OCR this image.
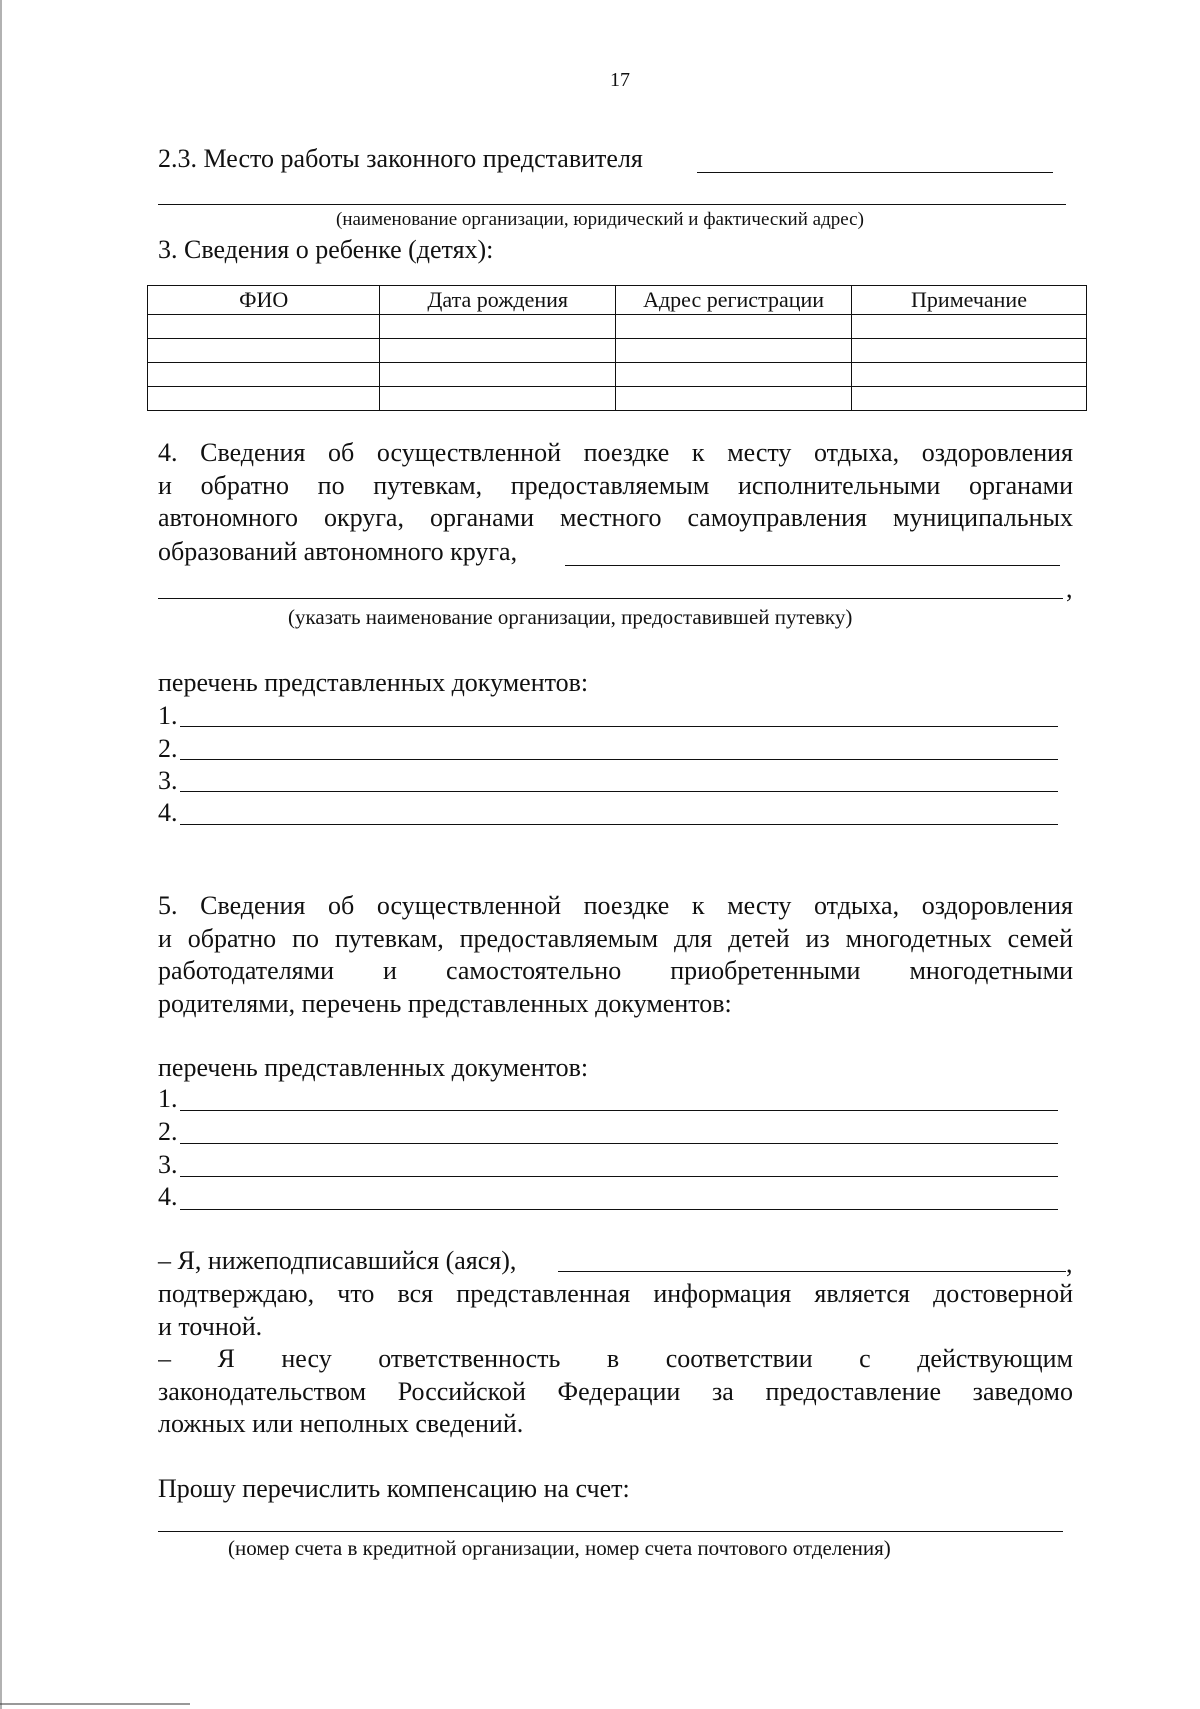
17
2.3. Место работы законного представителя
(наименование организации, юридический и фактический адрес)
3. Сведения о ребенке (детях):
ФИО	Дата рождения	Адрес регистрации	Примечание

4. Сведения об осуществленной поездке к месту отдыха, оздоровления
и обратно по путевкам, предоставляемым исполнительными органами
автономного округа, органами местного самоуправления муниципальных
образований автономного круга,
,
(указать наименование организации, предоставившей путевку)
перечень представленных документов:
1.
2.
3.
4.
5. Сведения об осуществленной поездке к месту отдыха, оздоровления
и обратно по путевкам, предоставляемым для детей из многодетных семей
работодателями и самостоятельно приобретенными многодетными
родителями, перечень представленных документов:
перечень представленных документов:
1.
2.
3.
4.
– Я, нижеподписавшийся (аяся),	,
подтверждаю, что вся представленная информация является достоверной
и точной.
– Я несу ответственность в соответствии с действующим
законодательством Российской Федерации за предоставление заведомо
ложных или неполных сведений.
Прошу перечислить компенсацию на счет:
(номер счета в кредитной организации, номер счета почтового отделения)
